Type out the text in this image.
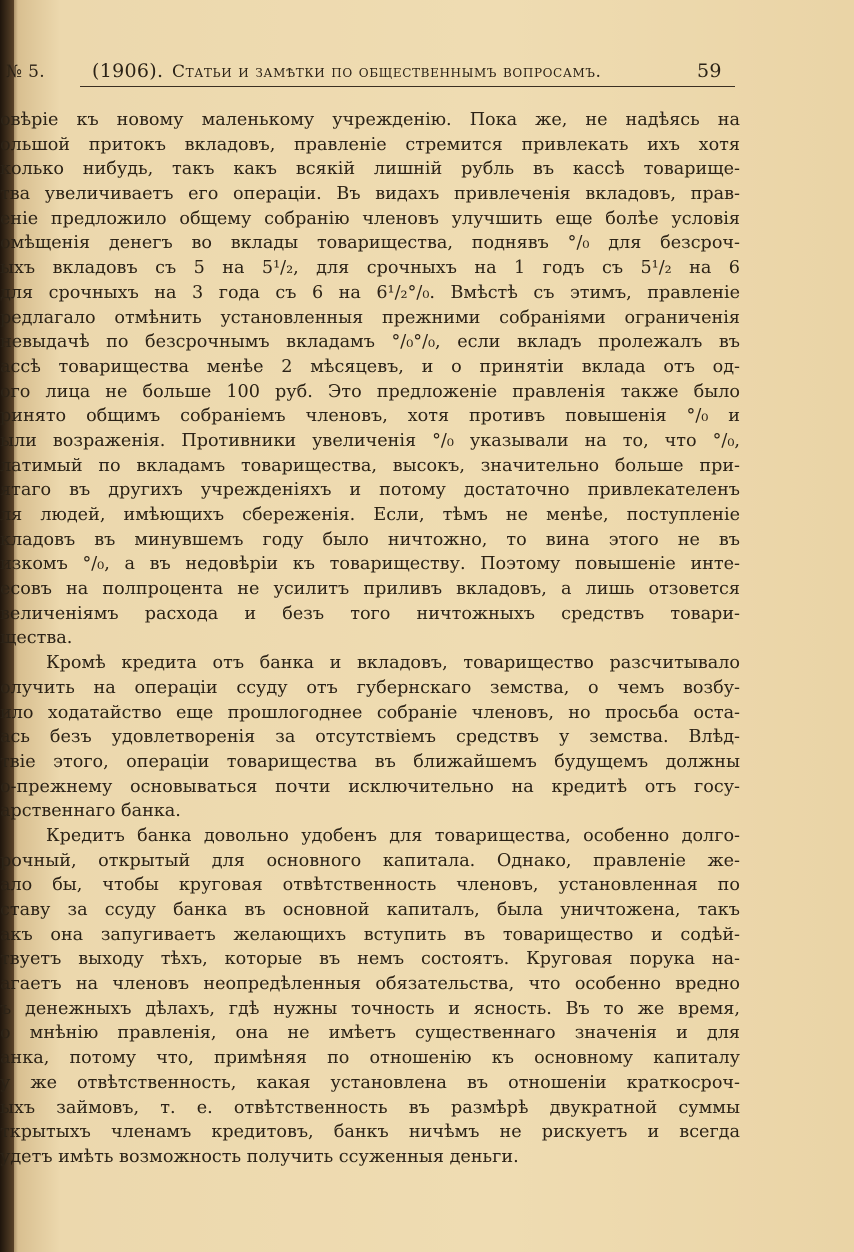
№ 5. (1906). Статьи и замѣтки по общественнымъ вопросамъ.	59
овѣріе къ новому маленькому учрежденію. Пока же, не надѣясь на
ольшой притокъ вкладовъ, правленіе стремится привлекать ихъ хотя
колько нибудь, такъ какъ всякій лишній рубль въ кассѣ товарище-
тва увеличиваетъ его операціи. Въ видахъ привлеченія вкладовъ, прав-
еніе предложило общему собранію членовъ улучшить еще болѣе условія
омѣщенія денегъ во вклады товарищества, поднявъ °/₀ для безсроч-
ыхъ вкладовъ съ 5 на 5¹/₂, для срочныхъ на 1 годъ съ 5¹/₂ на 6
для срочныхъ на 3 года съ 6 на 6¹/₂°/₀. Вмѣстѣ съ этимъ, правленіе
редлагало отмѣнить установленныя прежними собраніями ограниченія
невыдачѣ по безсрочнымъ вкладамъ °/₀°/₀, если вкладъ пролежалъ въ
ассѣ товарищества менѣе 2 мѣсяцевъ, и о принятіи вклада отъ од-
ого лица не больше 100 руб. Это предложеніе правленія также было
ринято общимъ собраніемъ членовъ, хотя противъ повышенія °/₀ и
ыли возраженія. Противники увеличенія °/₀ указывали на то, что °/₀,
латимый по вкладамъ товарищества, высокъ, значительно больше при-
ятаго въ другихъ учрежденіяхъ и потому достаточно привлекателенъ
ля людей, имѣющихъ сбереженія. Если, тѣмъ не менѣе, поступленіе
кладовъ въ минувшемъ году было ничтожно, то вина этого не въ
изкомъ °/₀, а въ недовѣріи къ товариществу. Поэтому повышеніе инте-
есовъ на полпроцента не усилитъ приливъ вкладовъ, а лишь отзовется
величеніямъ расхода и безъ того ничтожныхъ средствъ товари-
щества.
Кромѣ кредита отъ банка и вкладовъ, товарищество разсчитывало
олучить на операціи ссуду отъ губернскаго земства, о чемъ возбу-
ило ходатайство еще прошлогоднее собраніе членовъ, но просьба оста-
ась безъ удовлетворенія за отсутствіемъ средствъ у земства. Влѣд-
твіе этого, операціи товарищества въ ближайшемъ будущемъ должны
о-прежнему основываться почти исключительно на кредитѣ отъ госу-
арственнаго банка.
Кредитъ банка довольно удобенъ для товарищества, особенно долго-
рочный, открытый для основного капитала. Однако, правленіе же-
ало бы, чтобы круговая отвѣтственность членовъ, установленная по
ставу за ссуду банка въ основной капиталъ, была уничтожена, такъ
акъ она запугиваетъ желающихъ вступить въ товарищество и содѣй-
твуетъ выходу тѣхъ, которые въ немъ состоятъ. Круговая порука на-
агаетъ на членовъ неопредѣленныя обязательства, что особенно вредно
ъ денежныхъ дѣлахъ, гдѣ нужны точность и ясность. Въ то же время,
о мнѣнію правленія, она не имѣетъ существеннаго значенія и для
анка, потому что, примѣняя по отношенію къ основному капиталу
у же отвѣтственность, какая установлена въ отношеніи краткосроч-
ыхъ займовъ, т. е. отвѣтственность въ размѣрѣ двукратной суммы
ткрытыхъ членамъ кредитовъ, банкъ ничѣмъ не рискуетъ и всегда
удетъ имѣть возможность получить ссуженныя деньги.
